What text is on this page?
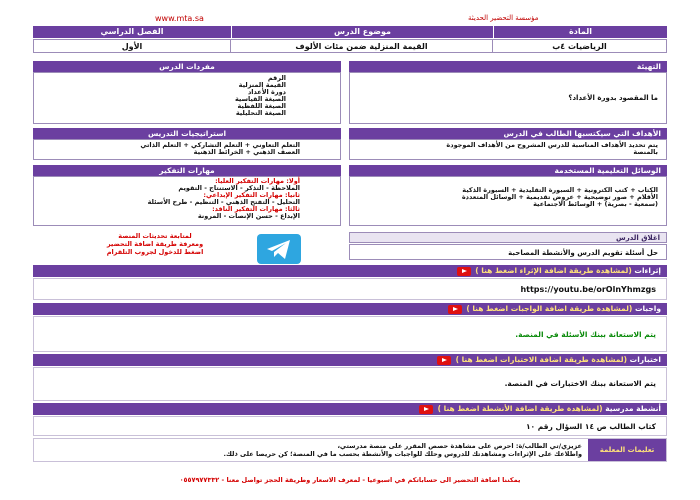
www.mta.sa	مؤسسة التحضير الحديثة
المادة
موضوع الدرس
الفصل الدراسي
الرياضيات ٤ب
القيمة المنزلية ضمن مئات الألوف
الأول
التهيئة
ما المقصود بدورة الأعداد؟
مفردات الدرس
الرقم
القيمة المنزلية
دورة الأعداد
الصيغة القياسية
الصيغة اللفظية
الصيغة التحليلية
الأهداف التي سيكتسبها الطالب في الدرس
يتم تحديد الأهداف المناسبة للدرس المشروح من الأهداف الموجودة
بالمنصة
استراتيجيات التدريس
التعلم التعاوني + التعلم التشاركي + التعلم الذاتي
العصف الذهني + الخرائط الذهنية
الوسائل التعليمية المستخدمة
الكتاب + كتب الكترونية + السبورة التقليدية + السبورة الذكية
الأقلام + صور توضيحية + عروض تقديمية + الوسائل المتعددة
(سمعية - بصرية) + الوسائط الاجتماعية
مهارات التفكير
أولا: مهارات التفكير العليا:
الملاحظة - التذكر - الاستنتاج - التقويم
ثانيا: مهارات التفكير الإبداعي:
التحليل - التفتح الذهني - التنظيم - طرح الأسئلة
ثالثا: مهارات التفكير الناقد:
الإبداع - حسن الإنصات - المرونة
لمتابعة تحديثات المنصة
ومعرفة طريقة اضافة التحضير
اضغط للدخول لجروب التلقرام
اغلاق الدرس
حل أسئلة تقويم الدرس والأنشطة المصاحبة
إثراءات (لمشاهدة طريقة اضافة الإثراء اضغط هنا )
https://youtu.be/orOlnYhmzgs
واجبات (لمشاهدة طريقة اضافة الواجبات اضغط هنا )
يتم الاستعانة ببنك الأسئلة في المنصة.
اختبارات (لمشاهدة طريقة اضافة الاختبارات اضغط هنا )
يتم الاستعانة ببنك الاختبارات في المنصة.
أنشطة مدرسية (لمشاهدة طريقة اضافة الأنشطة اضغط هنا )
كتاب الطالب ص ١٤ السؤال رقم ١٠
تعليمات المعلمة
عزيزي/تي الطالب/ة: احرص على مشاهدة حصص المقرر على منصة مدرستي،
واطلاعك على الإثراءات ومشاهدتك للدروس وحلك للواجبات والأنشطة بحسب ما في المنصة؛ كن حريصا على ذلك.
يمكننا اضافة التحضير الى حساباتكم في اسبوعيا - لمعرف الاسعار وطريقة الحجز تواصل معنا - ٠٥٥٧٩٧٧٣٣٢
